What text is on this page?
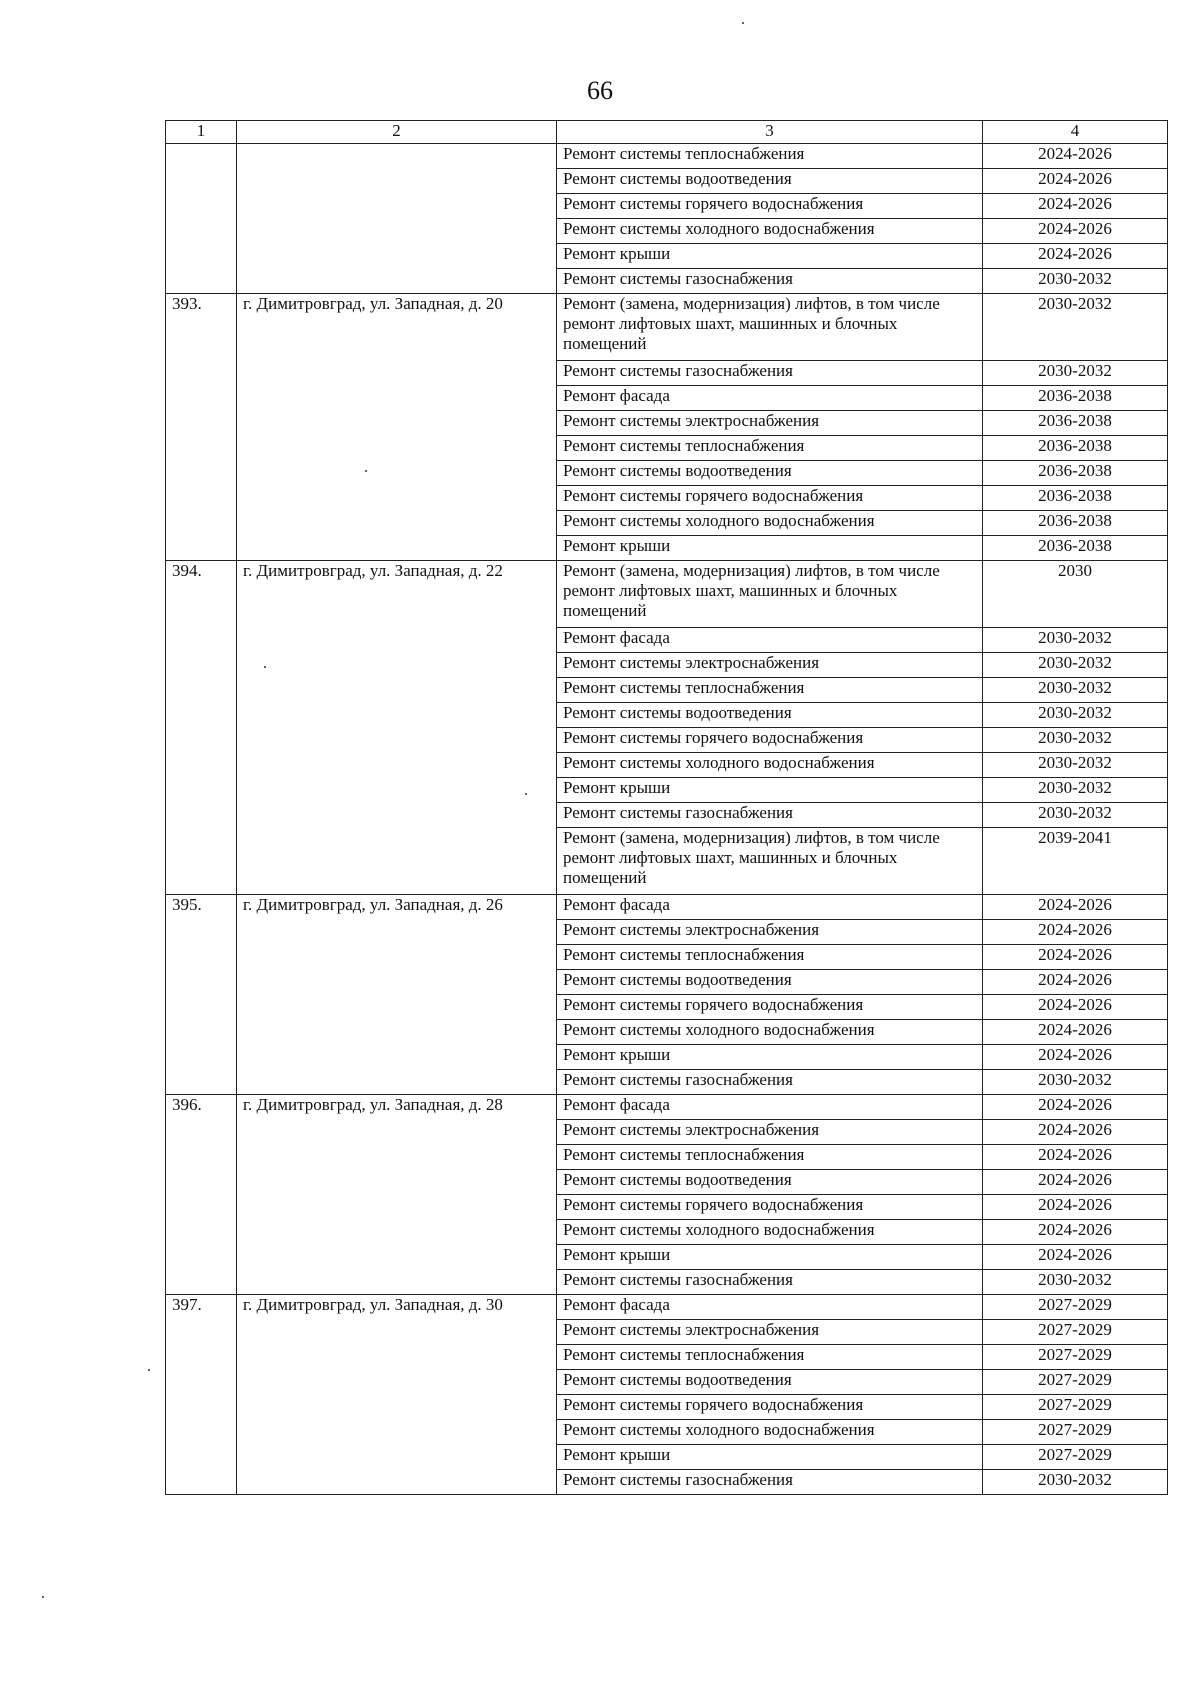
66
1	2	3	4
		Ремонт системы теплоснабжения	2024-2026
		Ремонт системы водоотведения	2024-2026
		Ремонт системы горячего водоснабжения	2024-2026
		Ремонт системы холодного водоснабжения	2024-2026
		Ремонт крыши	2024-2026
		Ремонт системы газоснабжения	2030-2032
393.	г. Димитровград, ул. Западная, д. 20	Ремонт (замена, модернизация) лифтов, в том числе ремонт лифтовых шахт, машинных и блочных помещений	2030-2032
		Ремонт системы газоснабжения	2030-2032
		Ремонт фасада	2036-2038
		Ремонт системы электроснабжения	2036-2038
		Ремонт системы теплоснабжения	2036-2038
		Ремонт системы водоотведения	2036-2038
		Ремонт системы горячего водоснабжения	2036-2038
		Ремонт системы холодного водоснабжения	2036-2038
		Ремонт крыши	2036-2038
394.	г. Димитровград, ул. Западная, д. 22	Ремонт (замена, модернизация) лифтов, в том числе ремонт лифтовых шахт, машинных и блочных помещений	2030
		Ремонт фасада	2030-2032
		Ремонт системы электроснабжения	2030-2032
		Ремонт системы теплоснабжения	2030-2032
		Ремонт системы водоотведения	2030-2032
		Ремонт системы горячего водоснабжения	2030-2032
		Ремонт системы холодного водоснабжения	2030-2032
		Ремонт крыши	2030-2032
		Ремонт системы газоснабжения	2030-2032
		Ремонт (замена, модернизация) лифтов, в том числе ремонт лифтовых шахт, машинных и блочных помещений	2039-2041
395.	г. Димитровград, ул. Западная, д. 26	Ремонт фасада	2024-2026
		Ремонт системы электроснабжения	2024-2026
		Ремонт системы теплоснабжения	2024-2026
		Ремонт системы водоотведения	2024-2026
		Ремонт системы горячего водоснабжения	2024-2026
		Ремонт системы холодного водоснабжения	2024-2026
		Ремонт крыши	2024-2026
		Ремонт системы газоснабжения	2030-2032
396.	г. Димитровград, ул. Западная, д. 28	Ремонт фасада	2024-2026
		Ремонт системы электроснабжения	2024-2026
		Ремонт системы теплоснабжения	2024-2026
		Ремонт системы водоотведения	2024-2026
		Ремонт системы горячего водоснабжения	2024-2026
		Ремонт системы холодного водоснабжения	2024-2026
		Ремонт крыши	2024-2026
		Ремонт системы газоснабжения	2030-2032
397.	г. Димитровград, ул. Западная, д. 30	Ремонт фасада	2027-2029
		Ремонт системы электроснабжения	2027-2029
		Ремонт системы теплоснабжения	2027-2029
		Ремонт системы водоотведения	2027-2029
		Ремонт системы горячего водоснабжения	2027-2029
		Ремонт системы холодного водоснабжения	2027-2029
		Ремонт крыши	2027-2029
		Ремонт системы газоснабжения	2030-2032
